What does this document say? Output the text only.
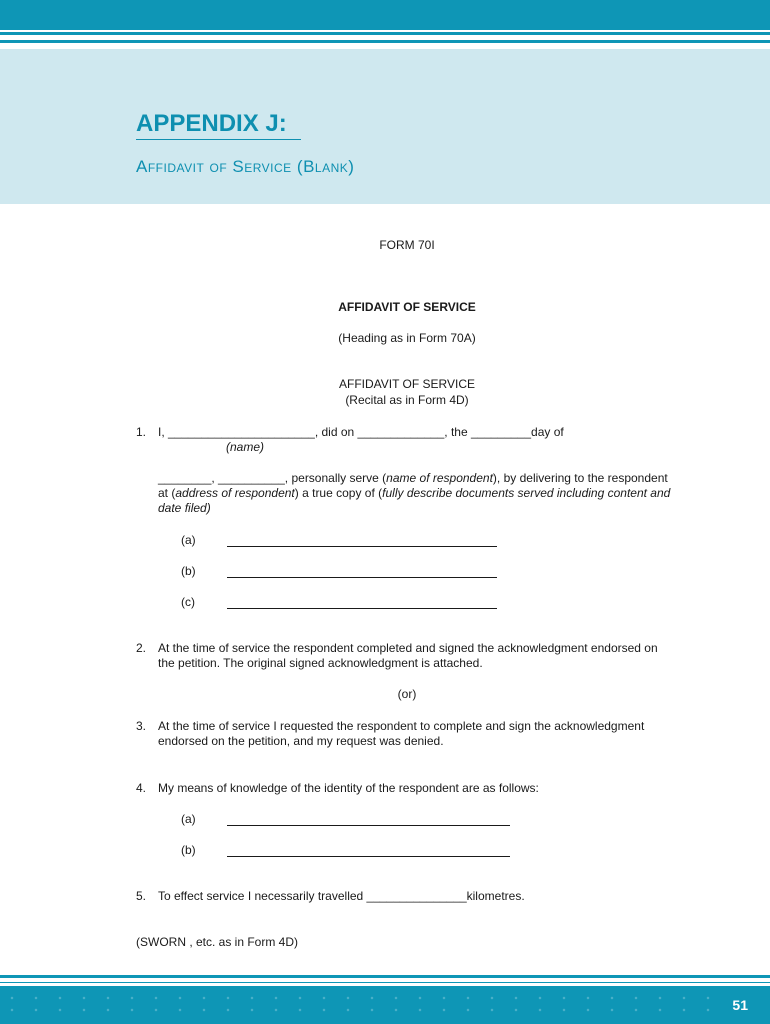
APPENDIX J:
Affidavit of Service (Blank)
FORM 70I
AFFIDAVIT OF SERVICE
(Heading as in Form 70A)
AFFIDAVIT OF SERVICE
(Recital as in Form 4D)
1. I, ______________________, did on _____________, the _________day of
(name)
________, __________, personally serve (name of respondent), by delivering to the respondent
at (address of respondent) a true copy of (fully describe documents served including content and
date filed)
(a)
(b)
(c)
2. At the time of service the respondent completed and signed the acknowledgment endorsed on
the petition. The original signed acknowledgment is attached.
(or)
3. At the time of service I requested the respondent to complete and sign the acknowledgment
endorsed on the petition, and my request was denied.
4. My means of knowledge of the identity of the respondent are as follows:
(a)
(b)
5. To effect service I necessarily travelled _______________kilometres.
(SWORN , etc. as in Form 4D)
51
